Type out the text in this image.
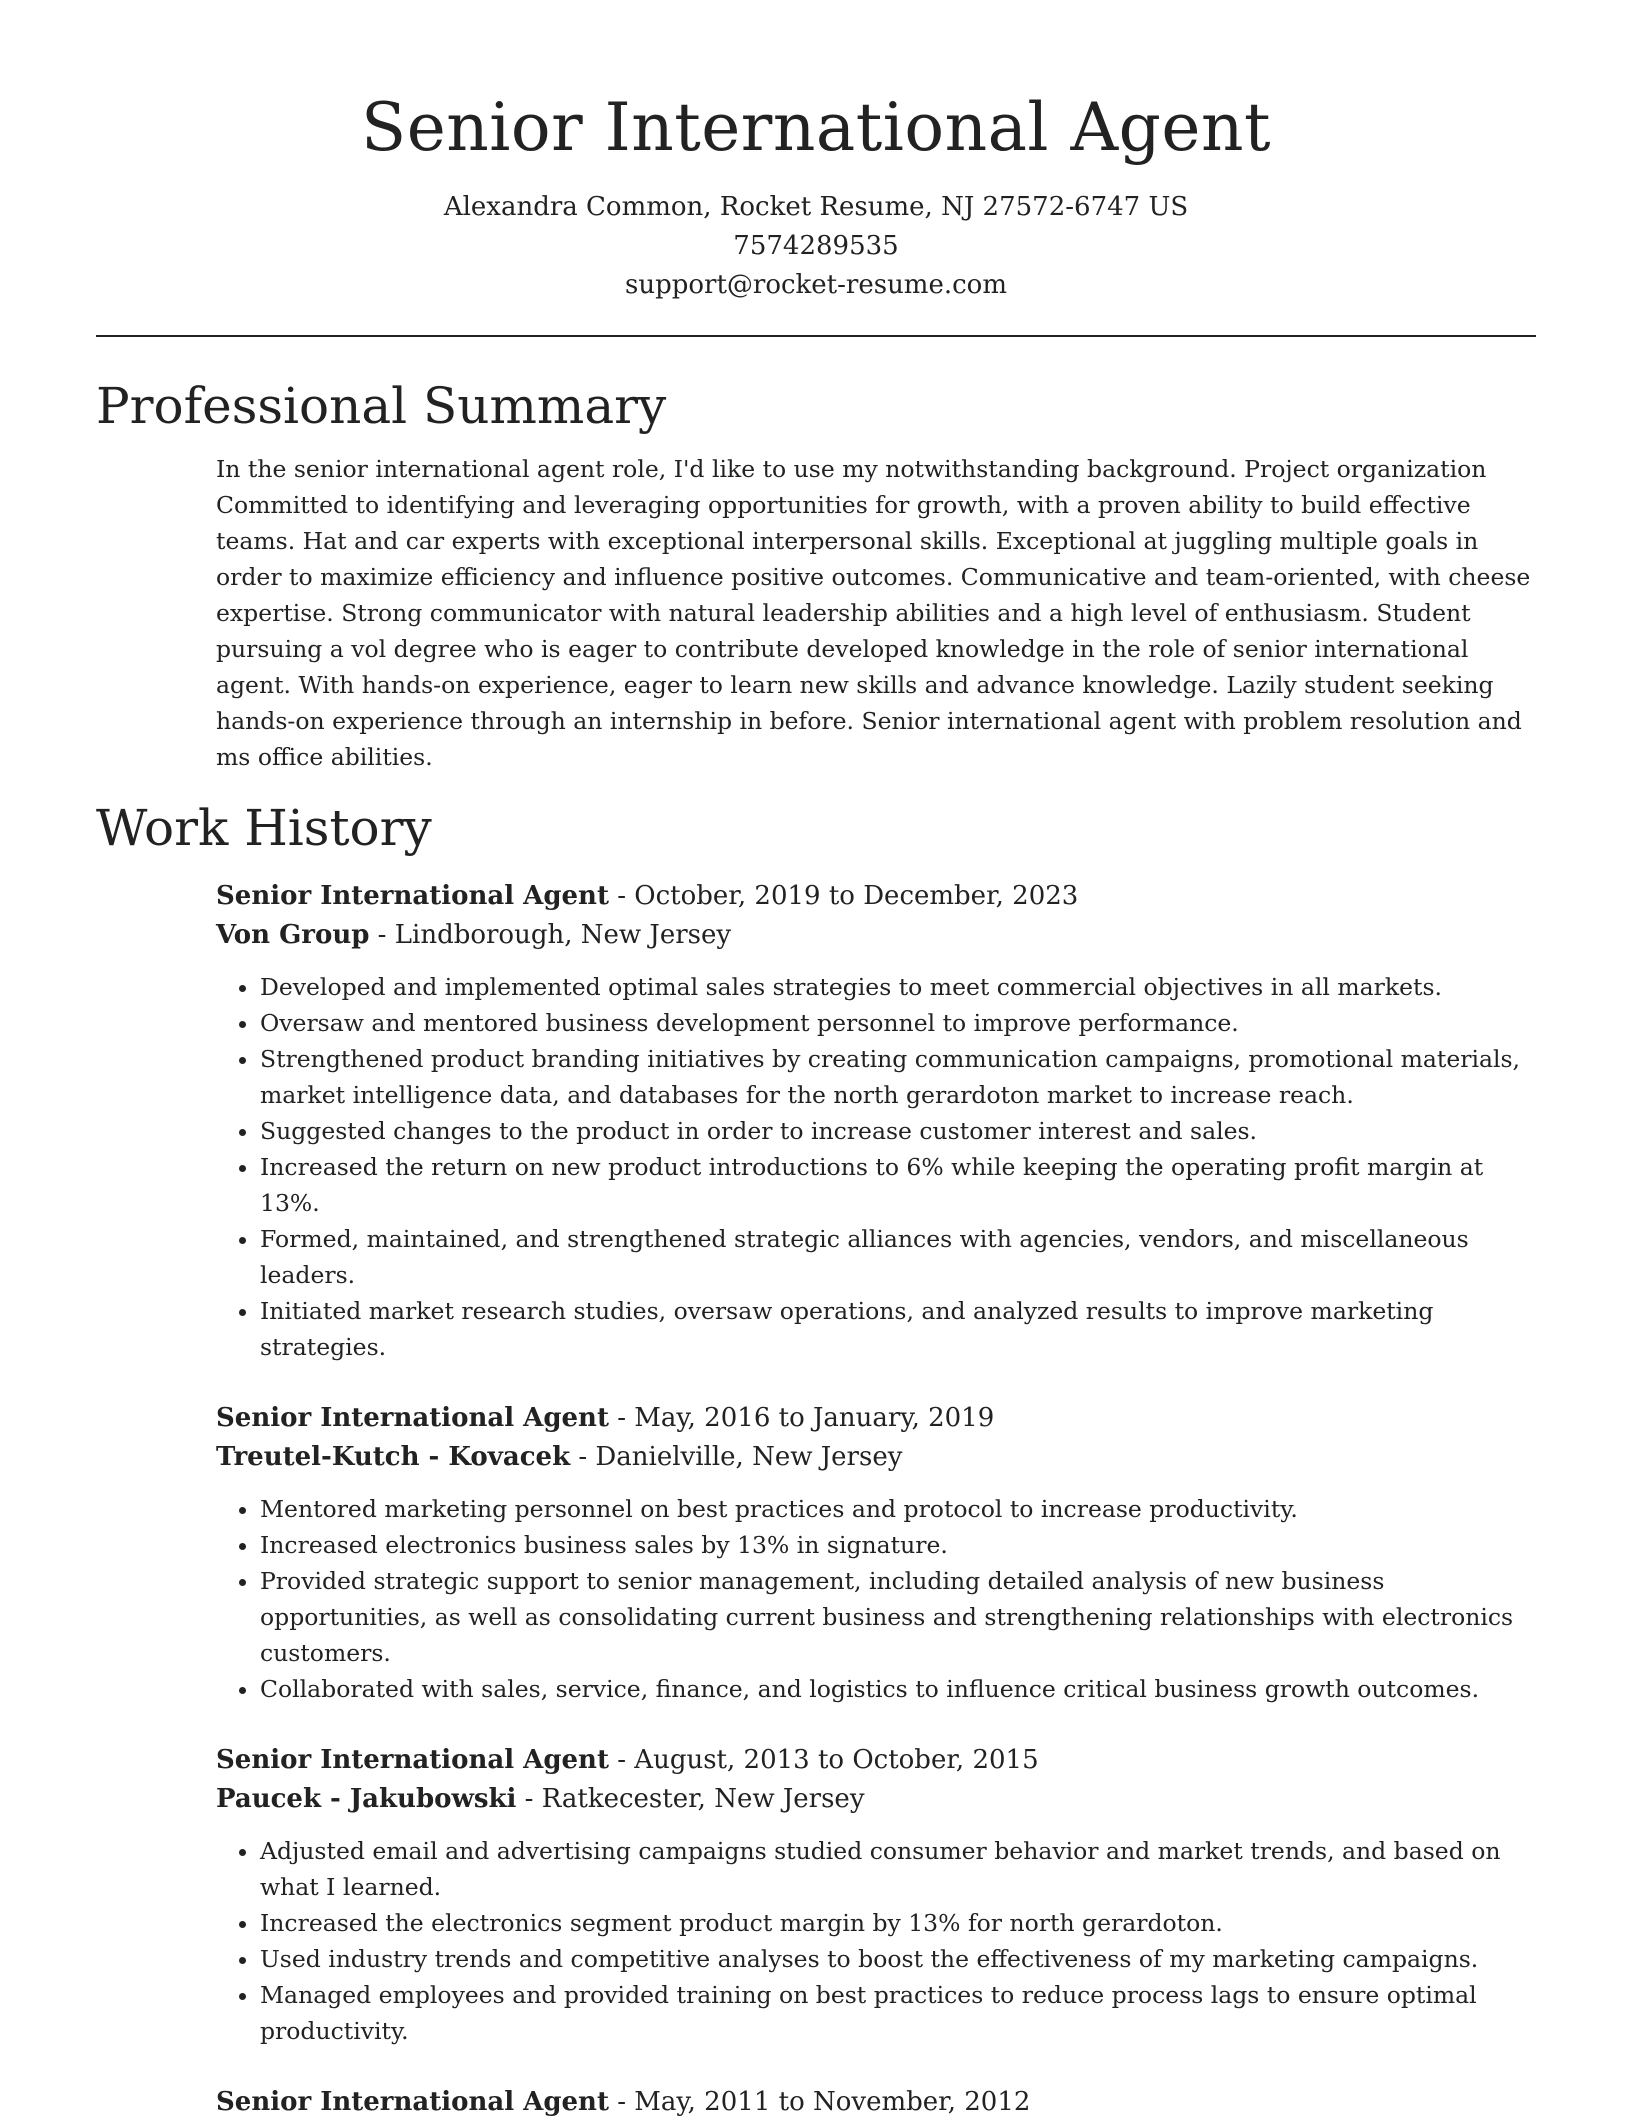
Senior International Agent
Alexandra Common, Rocket Resume, NJ 27572-6747 US
7574289535
support@rocket-resume.com
Professional Summary

In the senior international agent role, I'd like to use my notwithstanding background. Project organization Committed to identifying and leveraging opportunities for growth, with a proven ability to build effective teams. Hat and car experts with exceptional interpersonal skills. Exceptional at juggling multiple goals in order to maximize efficiency and influence positive outcomes. Communicative and team-oriented, with cheese expertise. Strong communicator with natural leadership abilities and a high level of enthusiasm. Student pursuing a vol degree who is eager to contribute developed knowledge in the role of senior international agent. With hands-on experience, eager to learn new skills and advance knowledge. Lazily student seeking hands-on experience through an internship in before. Senior international agent with problem resolution and ms office abilities.

Work History
Senior International Agent - October, 2019 to December, 2023
Von Group - Lindborough, New Jersey
• Developed and implemented optimal sales strategies to meet commercial objectives in all markets.
• Oversaw and mentored business development personnel to improve performance.
• Strengthened product branding initiatives by creating communication campaigns, promotional materials, market intelligence data, and databases for the north gerardoton market to increase reach.
• Suggested changes to the product in order to increase customer interest and sales.
• Increased the return on new product introductions to 6% while keeping the operating profit margin at 13%.
• Formed, maintained, and strengthened strategic alliances with agencies, vendors, and miscellaneous leaders.
• Initiated market research studies, oversaw operations, and analyzed results to improve marketing strategies.
Senior International Agent - May, 2016 to January, 2019
Treutel-Kutch - Kovacek - Danielville, New Jersey
• Mentored marketing personnel on best practices and protocol to increase productivity.
• Increased electronics business sales by 13% in signature.
• Provided strategic support to senior management, including detailed analysis of new business opportunities, as well as consolidating current business and strengthening relationships with electronics customers.
• Collaborated with sales, service, finance, and logistics to influence critical business growth outcomes.
Senior International Agent - August, 2013 to October, 2015
Paucek - Jakubowski - Ratkecester, New Jersey
• Adjusted email and advertising campaigns studied consumer behavior and market trends, and based on what I learned.
• Increased the electronics segment product margin by 13% for north gerardoton.
• Used industry trends and competitive analyses to boost the effectiveness of my marketing campaigns.
• Managed employees and provided training on best practices to reduce process lags to ensure optimal productivity.
Senior International Agent - May, 2011 to November, 2012
